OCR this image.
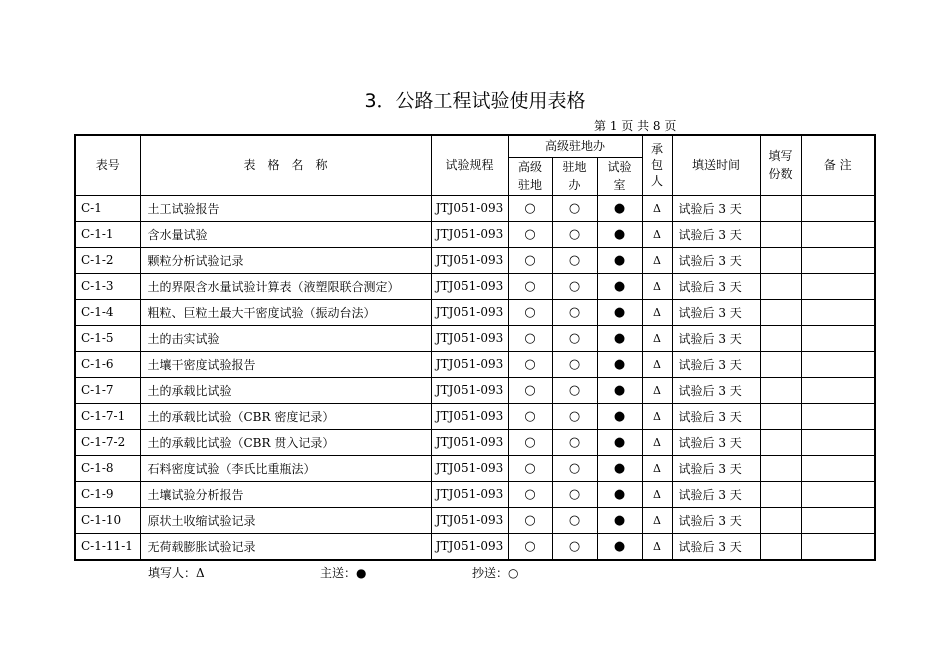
3．公路工程试验使用表格
第 1 页 共 8 页
表号	表　格　名　称	试验规程	高级驻地办			承包人	填送时间	填写份数	备 注

			高级驻地	驻地办	试验室				

C-1	土工试验报告	JTJ051-093	○	○	●	Δ	试验后 3 天		
C-1-1	含水量试验	JTJ051-093	○	○	●	Δ	试验后 3 天		
C-1-2	颗粒分析试验记录	JTJ051-093	○	○	●	Δ	试验后 3 天		
C-1-3	土的界限含水量试验计算表（液塑限联合测定）	JTJ051-093	○	○	●	Δ	试验后 3 天		
C-1-4	粗粒、巨粒土最大干密度试验（振动台法）	JTJ051-093	○	○	●	Δ	试验后 3 天		
C-1-5	土的击实试验	JTJ051-093	○	○	●	Δ	试验后 3 天		
C-1-6	土壤干密度试验报告	JTJ051-093	○	○	●	Δ	试验后 3 天		
C-1-7	土的承载比试验	JTJ051-093	○	○	●	Δ	试验后 3 天		
C-1-7-1	土的承载比试验（CBR 密度记录）	JTJ051-093	○	○	●	Δ	试验后 3 天		
C-1-7-2	土的承载比试验（CBR 贯入记录）	JTJ051-093	○	○	●	Δ	试验后 3 天		
C-1-8	石料密度试验（李氏比重瓶法）	JTJ051-093	○	○	●	Δ	试验后 3 天		
C-1-9	土壤试验分析报告	JTJ051-093	○	○	●	Δ	试验后 3 天		
C-1-10	原状土收缩试验记录	JTJ051-093	○	○	●	Δ	试验后 3 天		
C-1-11-1	无荷载膨胀试验记录	JTJ051-093	○	○	●	Δ	试验后 3 天		
填写人：Δ	主送：●	抄送：○
